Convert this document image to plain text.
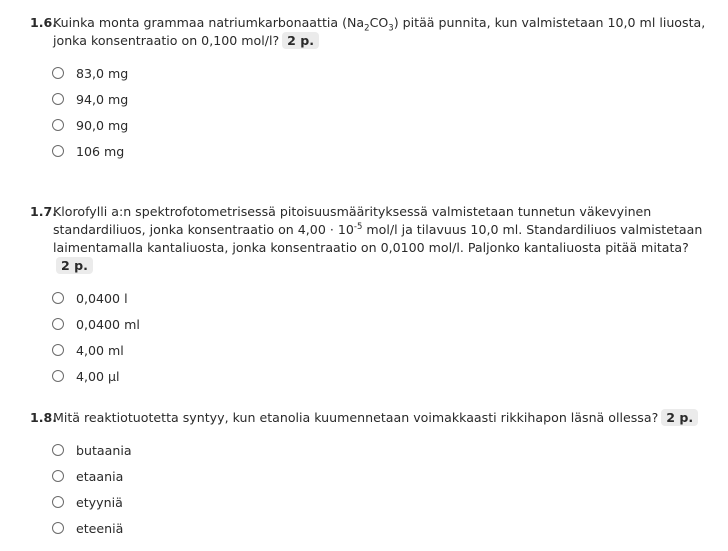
1.6.
Kuinka monta grammaa natriumkarbonaattia $(Na_2CO_3)$ pitää punnita, kun valmistetaan 10,0 ml liuosta, jonka konsentraatio on 0,100 mol/l? 2 p.
83,0 mg
94,0 mg
90,0 mg
106 mg
1.7.
Klorofylli a:n spektrofotometrisessä pitoisuusmäärityksessä valmistetaan tunnetun väkevyinen standardiliuos, jonka konsentraatio on $4,00 \cdot 10^{-5}$ mol/l ja tilavuus 10,0 ml. Standardiliuos valmistetaan laimentamalla kantaliuosta, jonka konsentraatio on 0,0100 mol/l. Paljonko kantaliuosta pitää mitata?2 p.
0,0400 l
0,0400 ml
4,00 ml
4,00 µl
1.8.
Mitä reaktiotuotetta syntyy, kun etanolia kuumennetaan voimakkaasti rikkihapon läsnä ollessa? 2 p.
butaania
etaania
etyyniä
eteeniä
